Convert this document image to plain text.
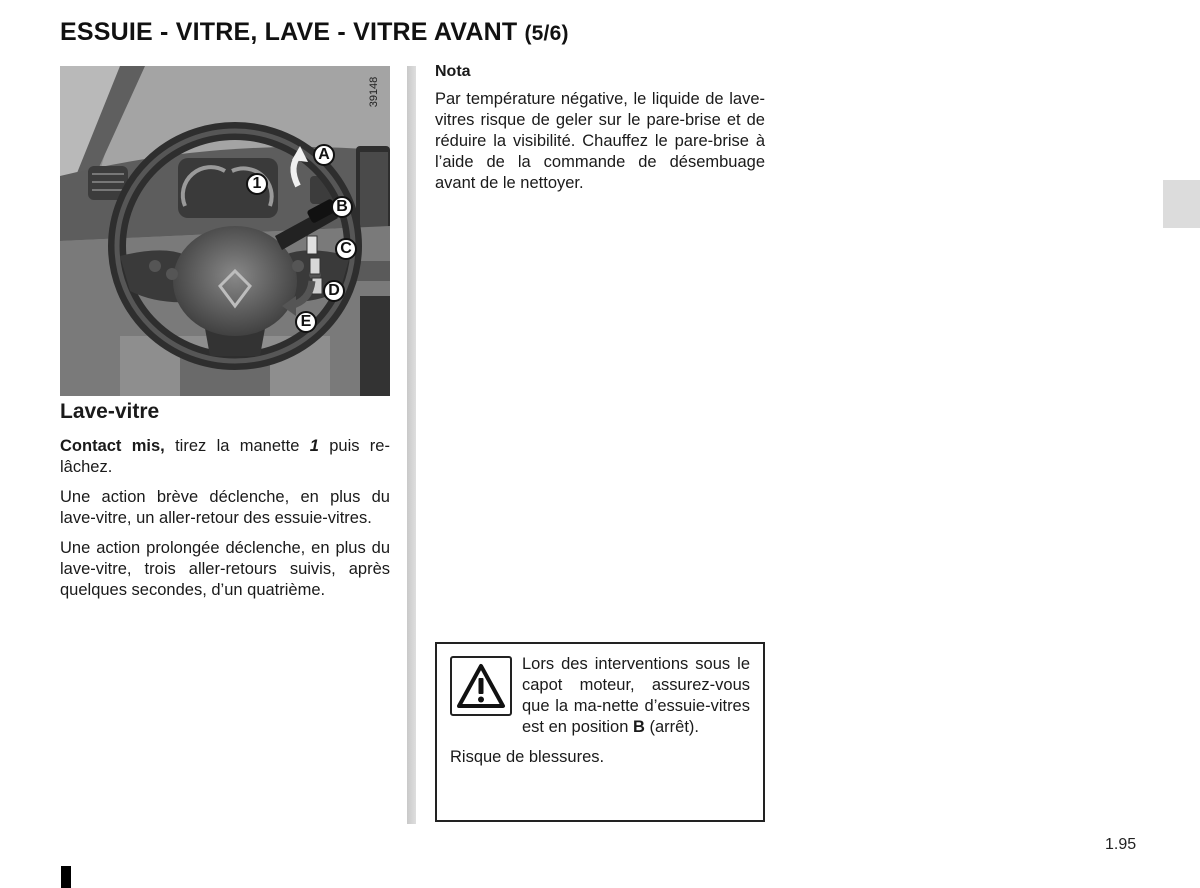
ESSUIE - VITRE, LAVE - VITRE AVANT (5/6)
39148
A
1
B
C
D
E
Lave-vitre

Contact mis, tirez la manette 1 puis re-lâchez.

Une action brève déclenche, en plus du lave-vitre, un aller-retour des essuie-vitres.

Une action prolongée déclenche, en plus du lave-vitre, trois aller-retours suivis, après quelques secondes, d’un quatrième.

Nota

Par température négative, le liquide de lave-vitres risque de geler sur le pare-brise et de réduire la visibilité. Chauffez le pare-brise à l’aide de la commande de désembuage avant de le nettoyer.

Lors des interventions sous le capot moteur, assurez-vous que la ma-nette d’essuie-vitres est en position B (arrêt).

Risque de blessures.

1.95
